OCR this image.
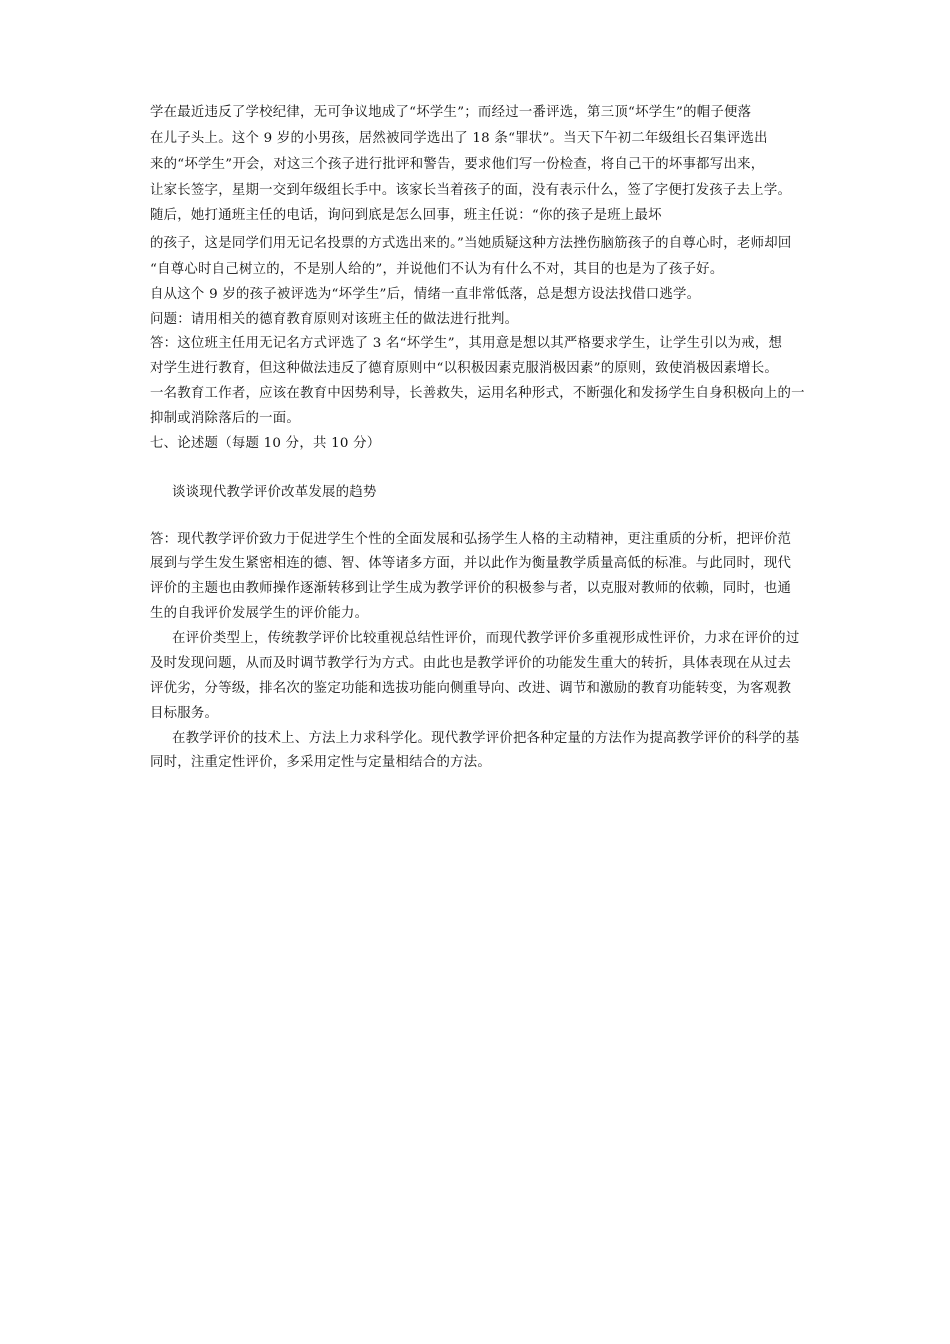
学在最近违反了学校纪律，无可争议地成了“坏学生”；而经过一番评选，第三顶“坏学生”的帽子便落
在儿子头上。这个 9 岁的小男孩，居然被同学选出了 18 条“罪状”。当天下午初二年级组长召集评选出
来的“坏学生”开会，对这三个孩子进行批评和警告，要求他们写一份检查，将自己干的坏事都写出来，
让家长签字，星期一交到年级组长手中。该家长当着孩子的面，没有表示什么，签了字便打发孩子去上学。
随后，她打通班主任的电话，询问到底是怎么回事，班主任说：“你的孩子是班上最坏
的孩子，这是同学们用无记名投票的方式选出来的。”当她质疑这种方法挫伤脑筋孩子的自尊心时，老师却回
“自尊心时自己树立的，不是别人给的”，并说他们不认为有什么不对，其目的也是为了孩子好。
自从这个 9 岁的孩子被评选为“坏学生”后，情绪一直非常低落，总是想方设法找借口逃学。
问题：请用相关的德育教育原则对该班主任的做法进行批判。
答：这位班主任用无记名方式评选了 3 名“坏学生”，其用意是想以其严格要求学生，让学生引以为戒，想
对学生进行教育，但这种做法违反了德育原则中“以积极因素克服消极因素”的原则，致使消极因素增长。
一名教育工作者，应该在教育中因势利导，长善救失，运用名种形式，不断强化和发扬学生自身积极向上的一
抑制或消除落后的一面。
七、论述题（每题 10 分，共 10 分）
谈谈现代教学评价改革发展的趋势
答：现代教学评价致力于促进学生个性的全面发展和弘扬学生人格的主动精神，更注重质的分析，把评价范
展到与学生发生紧密相连的德、智、体等诸多方面，并以此作为衡量教学质量高低的标准。与此同时，现代
评价的主题也由教师操作逐渐转移到让学生成为教学评价的积极参与者，以克服对教师的依赖，同时，也通
生的自我评价发展学生的评价能力。
在评价类型上，传统教学评价比较重视总结性评价，而现代教学评价多重视形成性评价，力求在评价的过
及时发现问题，从而及时调节教学行为方式。由此也是教学评价的功能发生重大的转折，具体表现在从过去
评优劣，分等级，排名次的鉴定功能和选拔功能向侧重导向、改进、调节和激励的教育功能转变，为客观教
目标服务。
在教学评价的技术上、方法上力求科学化。现代教学评价把各种定量的方法作为提高教学评价的科学的基
同时，注重定性评价，多采用定性与定量相结合的方法。
